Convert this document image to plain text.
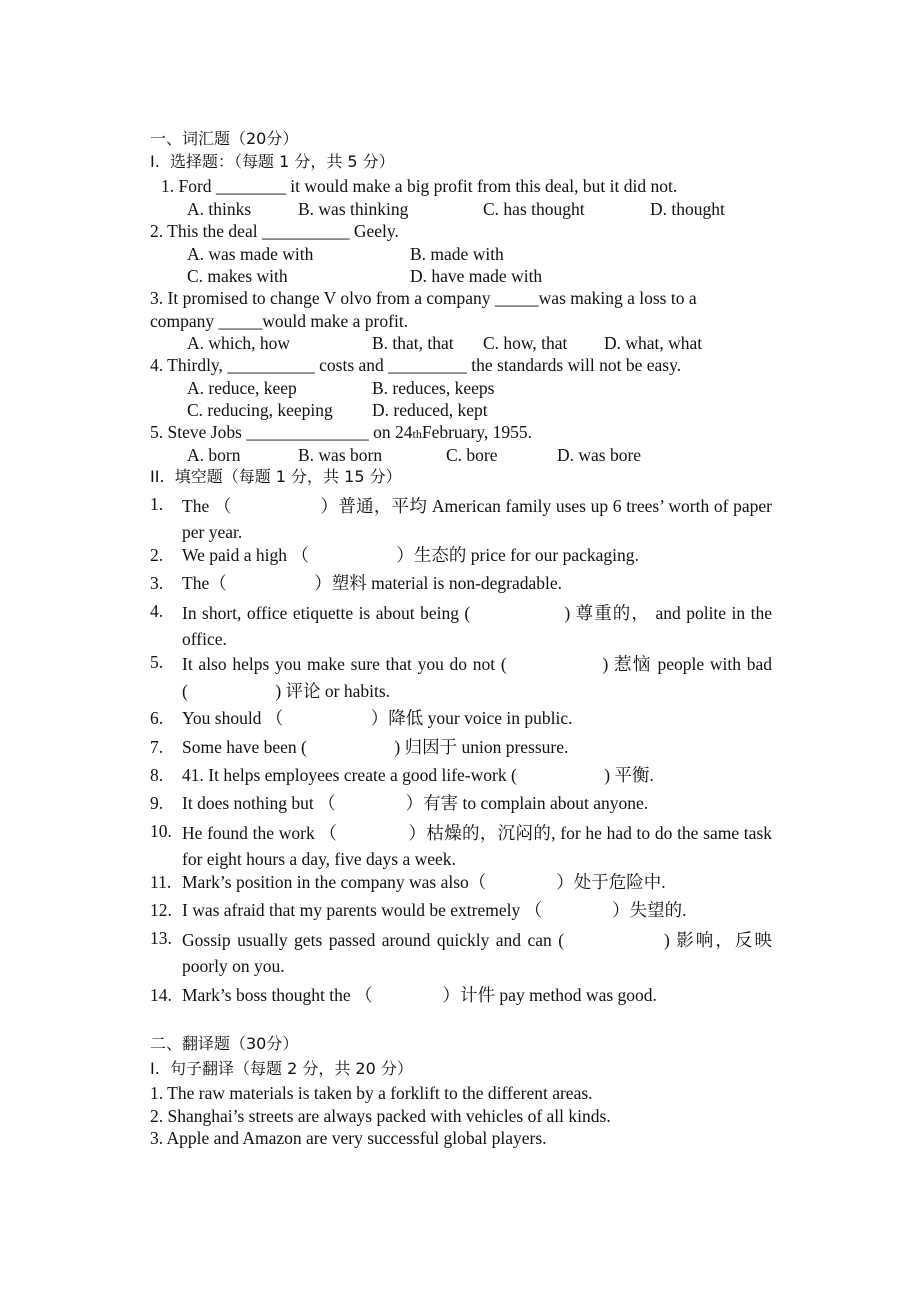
一、词汇题（20分）
I.  选择题：（每题 1 分，共 5 分）
1. Ford ________ it would make a big profit from this deal, but it did not.
A. thinks	B. was thinking	C. has thought	D. thought
2. This the deal __________ Geely.
A. was made with	B. made with
C. makes with	D. have made with
3. It promised to change V olvo from a company _____was making a loss to a
company _____would make a profit.
A. which, how	B. that, that C. how, that D. what, what
4. Thirdly, __________ costs and _________ the standards will not be easy.
A. reduce, keep	B. reduces, keeps
C. reducing, keeping D. reduced, kept
5. Steve Jobs ______________ on 24thFebruary, 1955.
A. born	B. was born	C. bore	D. was bore
II.  填空题（每题 1 分，共 15 分）
1. The （　　　　　）普通，平均 American family uses up 6 trees’ worth of paper per year.
2. We paid a high （　　　　　）生态的 price for our packaging.
3. The（　　　　　）塑料 material is non-degradable.
4. In short, office etiquette is about being (　　　　　) 尊重的， and polite in the office.
5. It also helps you make sure that you do not (　　　　　) 惹恼 people with bad (　　　　　) 评论 or habits.
6. You should （　　　　　）降低 your voice in public.
7. Some have been (　　　　　) 归因于 union pressure.
8. 41. It helps employees create a good life-work (　　　　　) 平衡.
9. It does nothing but （　　　　）有害 to complain about anyone.
10. He found the work （　　　　）枯燥的，沉闷的, for he had to do the same task for eight hours a day, five days a week.
11. Mark’s position in the company was also（　　　　）处于危险中.
12. I was afraid that my parents would be extremely （　　　　）失望的.
13. Gossip usually gets passed around quickly and can (　　　　　) 影响，反映 poorly on you.
14. Mark’s boss thought the （　　　　）计件 pay method was good.
二、翻译题（30分）
I.  句子翻译（每题 2 分，共 20 分）
1. The raw materials is taken by a forklift to the different areas.
2. Shanghai’s streets are always packed with vehicles of all kinds.
3. Apple and Amazon are very successful global players.
